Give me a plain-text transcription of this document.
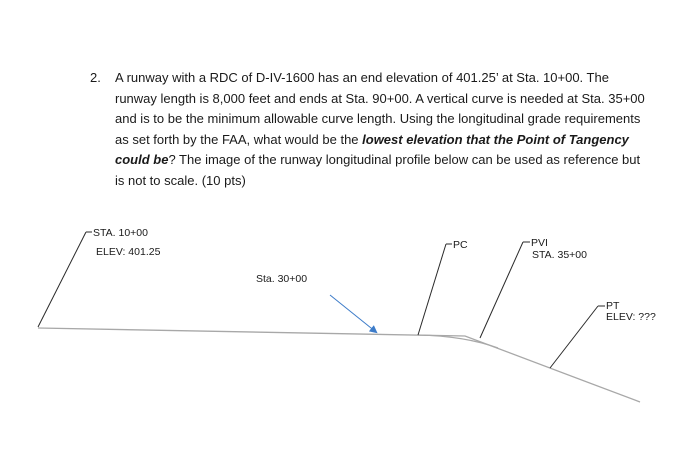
2. A runway with a RDC of D-IV-1600 has an end elevation of 401.25’ at Sta. 10+00. The runway length is 8,000 feet and ends at Sta. 90+00. A vertical curve is needed at Sta. 35+00 and is to be the minimum allowable curve length. Using the longitudinal grade requirements as set forth by the FAA, what would be the lowest elevation that the Point of Tangency could be? The image of the runway longitudinal profile below can be used as reference but is not to scale. (10 pts)
STA. 10+00
ELEV: 401.25
Sta. 30+00
PC	PVI
STA. 35+00
PT
ELEV: ???
